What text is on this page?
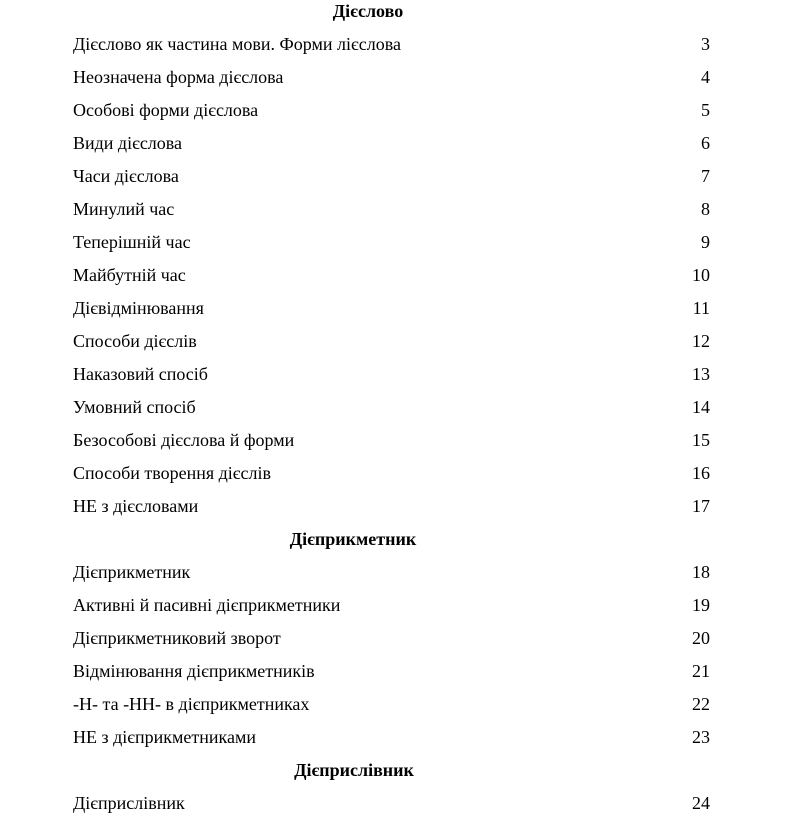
Дієслово
Дієслово як частина мови. Форми лієслова	3
Неозначена форма дієслова	4
Особові форми дієслова	5
Види дієслова	6
Часи дієслова	7
Минулий час	8
Теперішній час	9
Майбутній час	10
Дієвідмінювання	11
Способи дієслів	12
Наказовий спосіб	13
Умовний спосіб	14
Безособові дієслова й форми	15
Способи творення дієслів	16
НЕ з дієсловами	17
Дієприкметник
Дієприкметник	18
Активні й пасивні дієприкметники	19
Дієприкметниковий зворот	20
Відмінювання дієприкметників	21
-Н- та -НН- в дієприкметниках	22
НЕ з дієприкметниками	23
Дієприслівник
Дієприслівник	24
